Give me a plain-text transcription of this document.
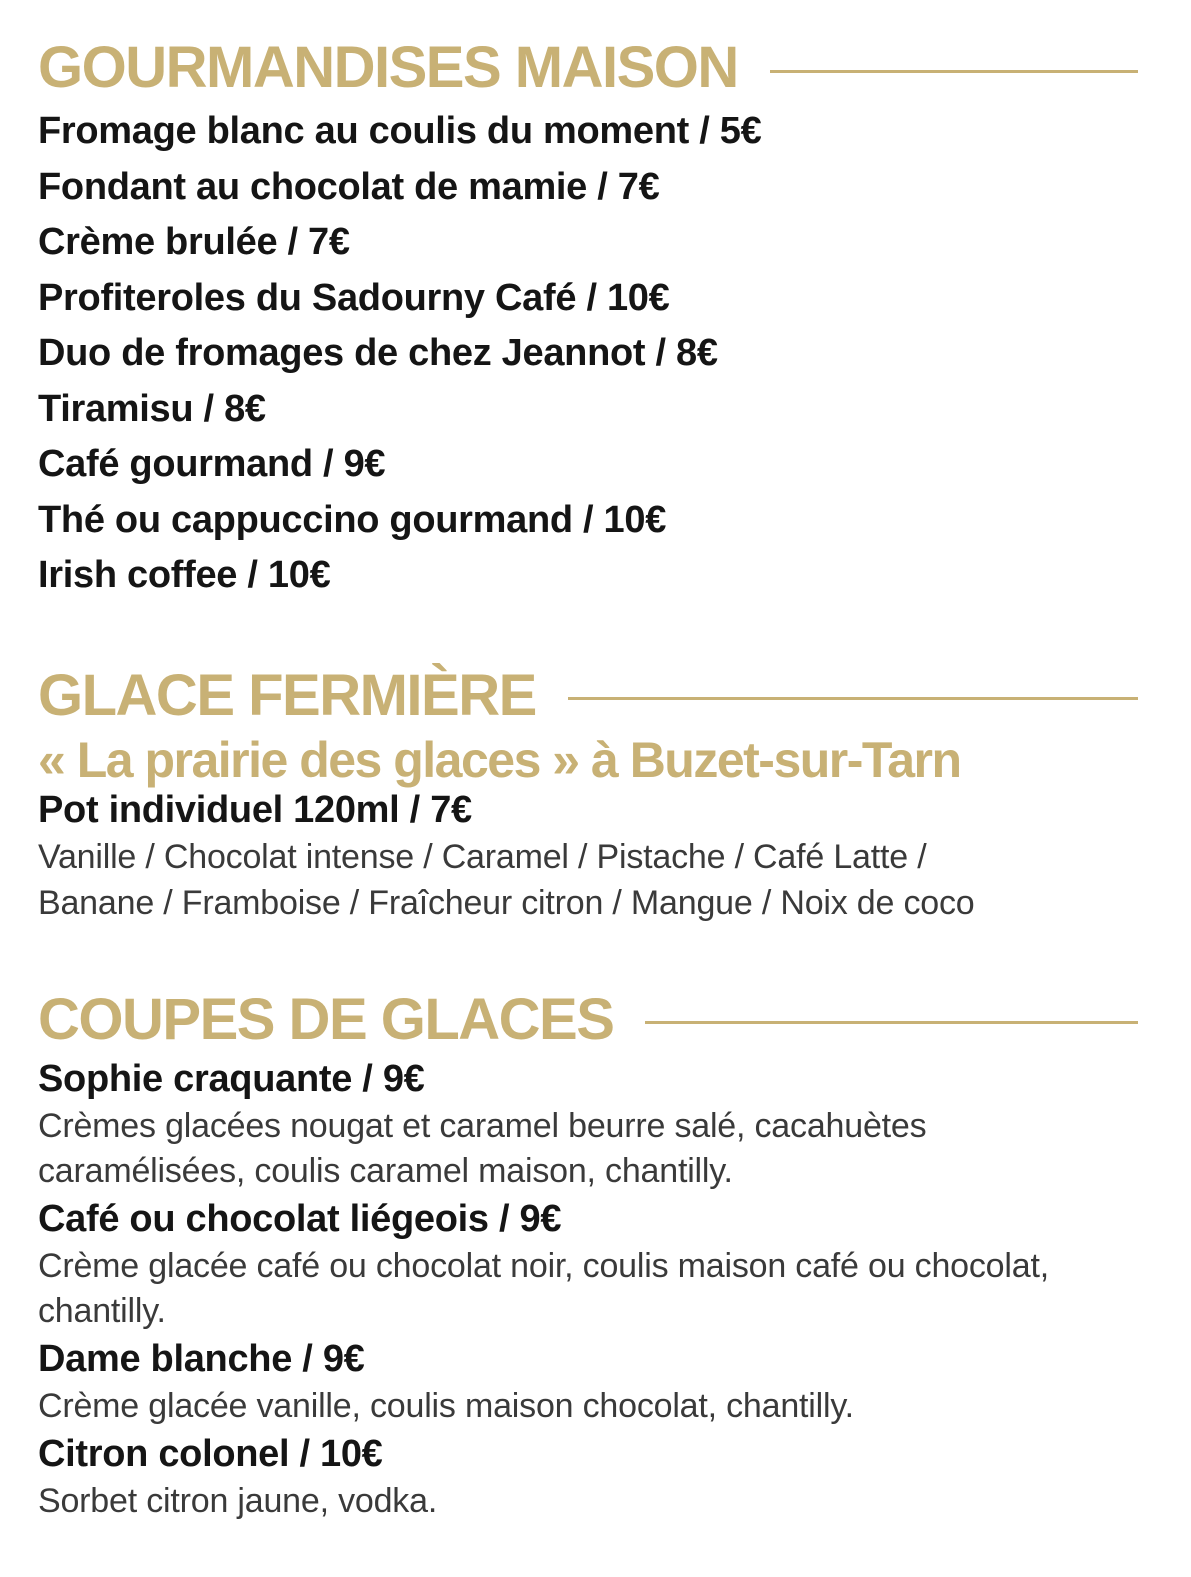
GOURMANDISES MAISON
Fromage blanc au coulis du moment / 5€
Fondant au chocolat de mamie / 7€
Crème brulée / 7€
Profiteroles du Sadourny Café / 10€
Duo de fromages de chez Jeannot / 8€
Tiramisu / 8€
Café gourmand / 9€
Thé ou cappuccino gourmand / 10€
Irish coffee / 10€
GLACE FERMIÈRE
« La prairie des glaces » à Buzet-sur-Tarn
Pot individuel 120ml / 7€
Vanille / Chocolat intense / Caramel / Pistache / Café Latte /
Banane / Framboise / Fraîcheur citron / Mangue / Noix de coco
COUPES DE GLACES
Sophie craquante / 9€
Crèmes glacées nougat et caramel beurre salé, cacahuètes caramélisées, coulis caramel maison, chantilly.
Café ou chocolat liégeois / 9€
Crème glacée café ou chocolat noir, coulis maison café ou chocolat, chantilly.
Dame blanche / 9€
Crème glacée vanille, coulis maison chocolat, chantilly.
Citron colonel / 10€
Sorbet citron jaune, vodka.
